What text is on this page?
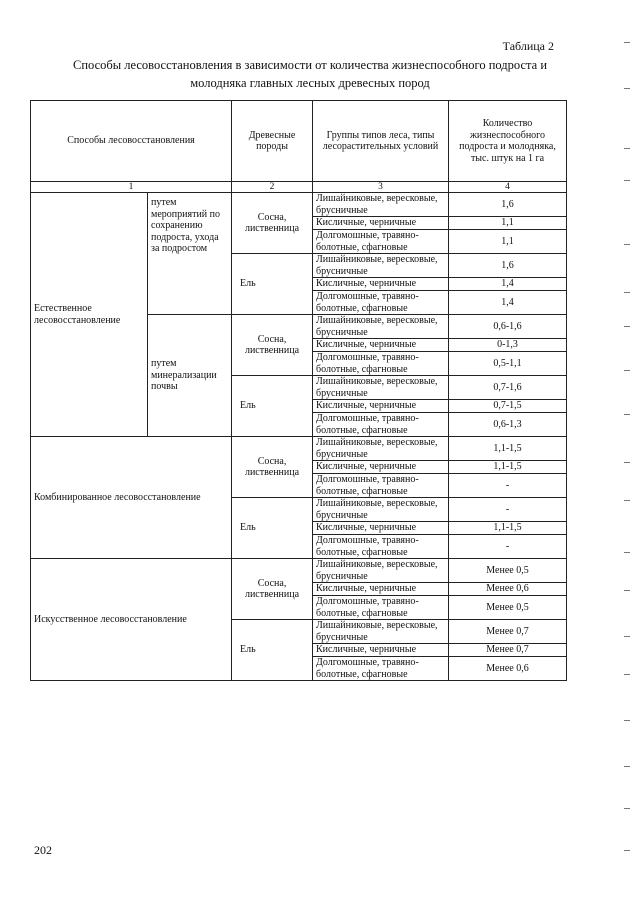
Таблица 2
Способы лесовосстановления в зависимости от количества жизнеспособного подроста и
молодняка главных лесных древесных пород
Способы лесовосстановления		Древесные породы	Группы типов леса, типы лесорастительных условий	Количество жизнеспособного подроста и молодняка, тыс. штук на 1 га
1		2	3	4
Естественное лесовосстановление	путем мероприятий по сохранению подроста, ухода за подростом	Сосна, лиственница	Лишайниковые, вересковые, брусничные	1,6
			Кисличные, черничные	1,1
			Долгомошные, травяно-болотные, сфагновые	1,1
		Ель	Лишайниковые, вересковые, брусничные	1,6
			Кисличные, черничные	1,4
			Долгомошные, травяно-болотные, сфагновые	1,4
	путем минерализации почвы	Сосна, лиственница	Лишайниковые, вересковые, брусничные	0,6-1,6
			Кисличные, черничные	0-1,3
			Долгомошные, травяно-болотные, сфагновые	0,5-1,1
		Ель	Лишайниковые, вересковые, брусничные	0,7-1,6
			Кисличные, черничные	0,7-1,5
			Долгомошные, травяно-болотные, сфагновые	0,6-1,3
Комбинированное лесовосстановление		Сосна, лиственница	Лишайниковые, вересковые, брусничные	1,1-1,5
			Кисличные, черничные	1,1-1,5
			Долгомошные, травяно-болотные, сфагновые	-
		Ель	Лишайниковые, вересковые, брусничные	-
			Кисличные, черничные	1,1-1,5
			Долгомошные, травяно-болотные, сфагновые	-
Искусственное лесовосстановление		Сосна, лиственница	Лишайниковые, вересковые, брусничные	Менее 0,5
			Кисличные, черничные	Менее 0,6
			Долгомошные, травяно-болотные, сфагновые	Менее 0,5
		Ель	Лишайниковые, вересковые, брусничные	Менее 0,7
			Кисличные, черничные	Менее 0,7
			Долгомошные, травяно-болотные, сфагновые	Менее 0,6
202
